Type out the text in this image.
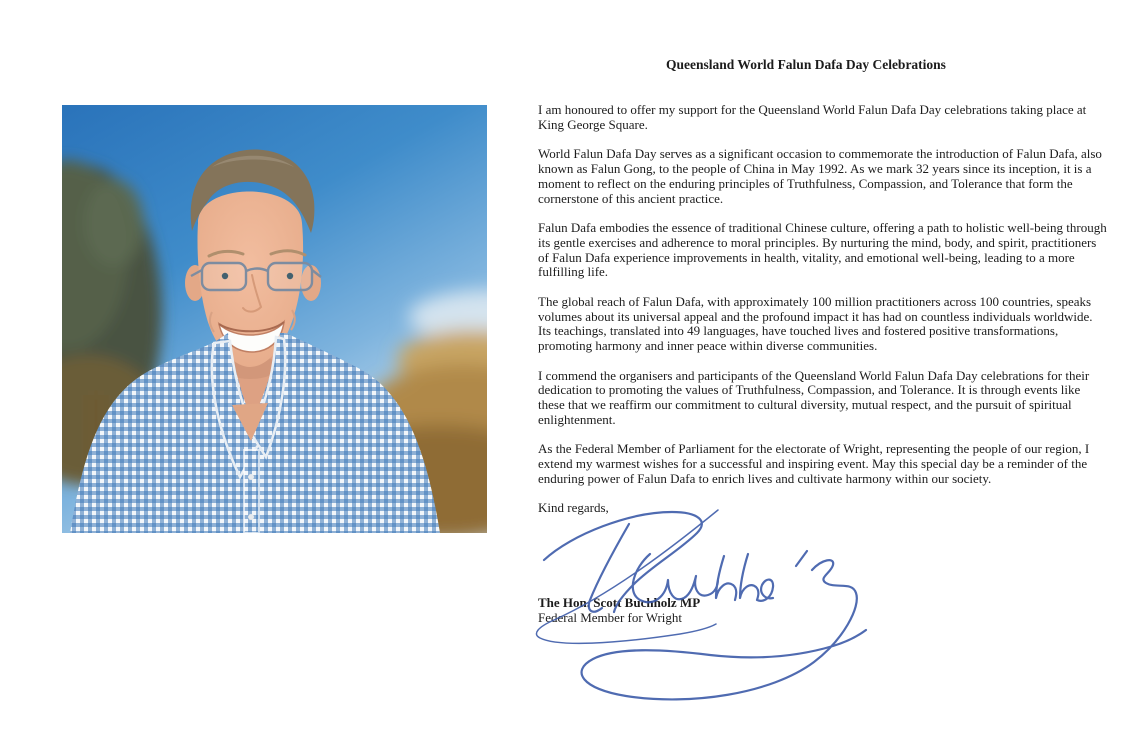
Queensland World Falun Dafa Day Celebrations

I am honoured to offer my support for the Queensland World Falun Dafa Day celebrations taking place at King George Square.

World Falun Dafa Day serves as a significant occasion to commemorate the introduction of Falun Dafa, also known as Falun Gong, to the people of China in May 1992. As we mark 32 years since its inception, it is a moment to reflect on the enduring principles of Truthfulness, Compassion, and Tolerance that form the cornerstone of this ancient practice.

Falun Dafa embodies the essence of traditional Chinese culture, offering a path to holistic well-being through its gentle exercises and adherence to moral principles. By nurturing the mind, body, and spirit, practitioners of Falun Dafa experience improvements in health, vitality, and emotional well-being, leading to a more fulfilling life.

The global reach of Falun Dafa, with approximately 100 million practitioners across 100 countries, speaks volumes about its universal appeal and the profound impact it has had on countless individuals worldwide. Its teachings, translated into 49 languages, have touched lives and fostered positive transformations, promoting harmony and inner peace within diverse communities.

I commend the organisers and participants of the Queensland World Falun Dafa Day celebrations for their dedication to promoting the values of Truthfulness, Compassion, and Tolerance. It is through events like these that we reaffirm our commitment to cultural diversity, mutual respect, and the pursuit of spiritual enlightenment.

As the Federal Member of Parliament for the electorate of Wright, representing the people of our region, I extend my warmest wishes for a successful and inspiring event. May this special day be a reminder of the enduring power of Falun Dafa to enrich lives and cultivate harmony within our society.

Kind regards,

The Hon. Scott Buchholz MP
Federal Member for Wright
